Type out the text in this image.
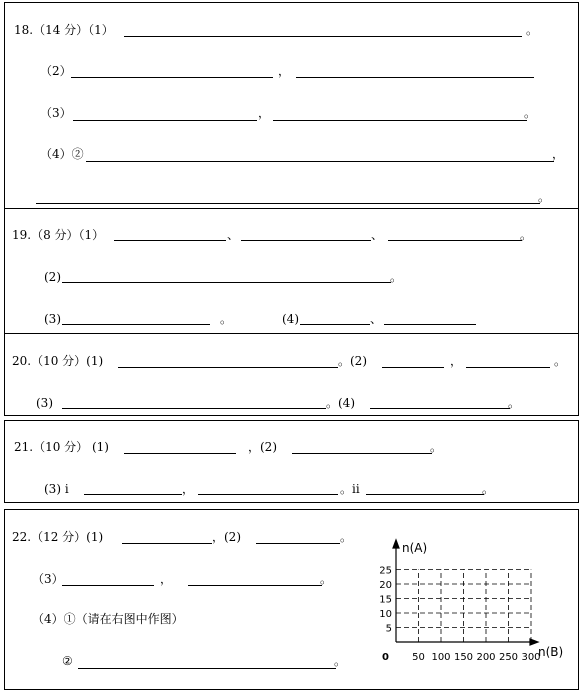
18.（14 分）（1）	。
（2）	，
（3）	，	。
（4）②	，
。
19.（8 分）（1）	、	、	。
(2)	。
(3)	。	(4)	、
20.（10 分）(1)	。(2)	，	。
(3)	。(4)	。
21.（10 分） (1)	，(2)	。
(3) i	，	。ii	。
22.（12 分）(1)	，(2)	。
（3）	，	。
（4）①（请在右图中作图）
②	。
n(A)
n(B)
0
25
20
15
10
5
50 100 150 200 250 300
